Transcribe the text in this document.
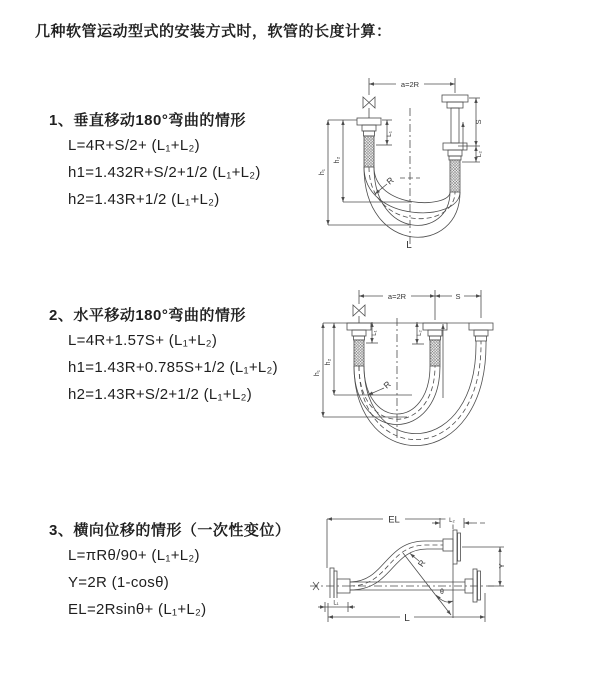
几种软管运动型式的安装方式时，软管的长度计算：
1、垂直移动180°弯曲的情形
L=4R+S/2+ (L₁+L₂)
h1=1.432R+S/2+1/2 (L₁+L₂)
h2=1.43R+1/2 (L₁+L₂)
2、水平移动180°弯曲的情形
L=4R+1.57S+ (L₁+L₂)
h1=1.43R+0.785S+1/2 (L₁+L₂)
h2=1.43R+S/2+1/2 (L₁+L₂)
3、横向位移的情形（一次性变位）
L=πRθ/90+ (L₁+L₂)
Y=2R (1-cosθ)
EL=2Rsinθ+ (L₁+L₂)
a=2R
L₁
S
L₂
h₁
h₂
R
L
a=2R	S
h₁
h₂
L₁	L₂
R
EL	L₂
Y
R
θ
L
L₁
